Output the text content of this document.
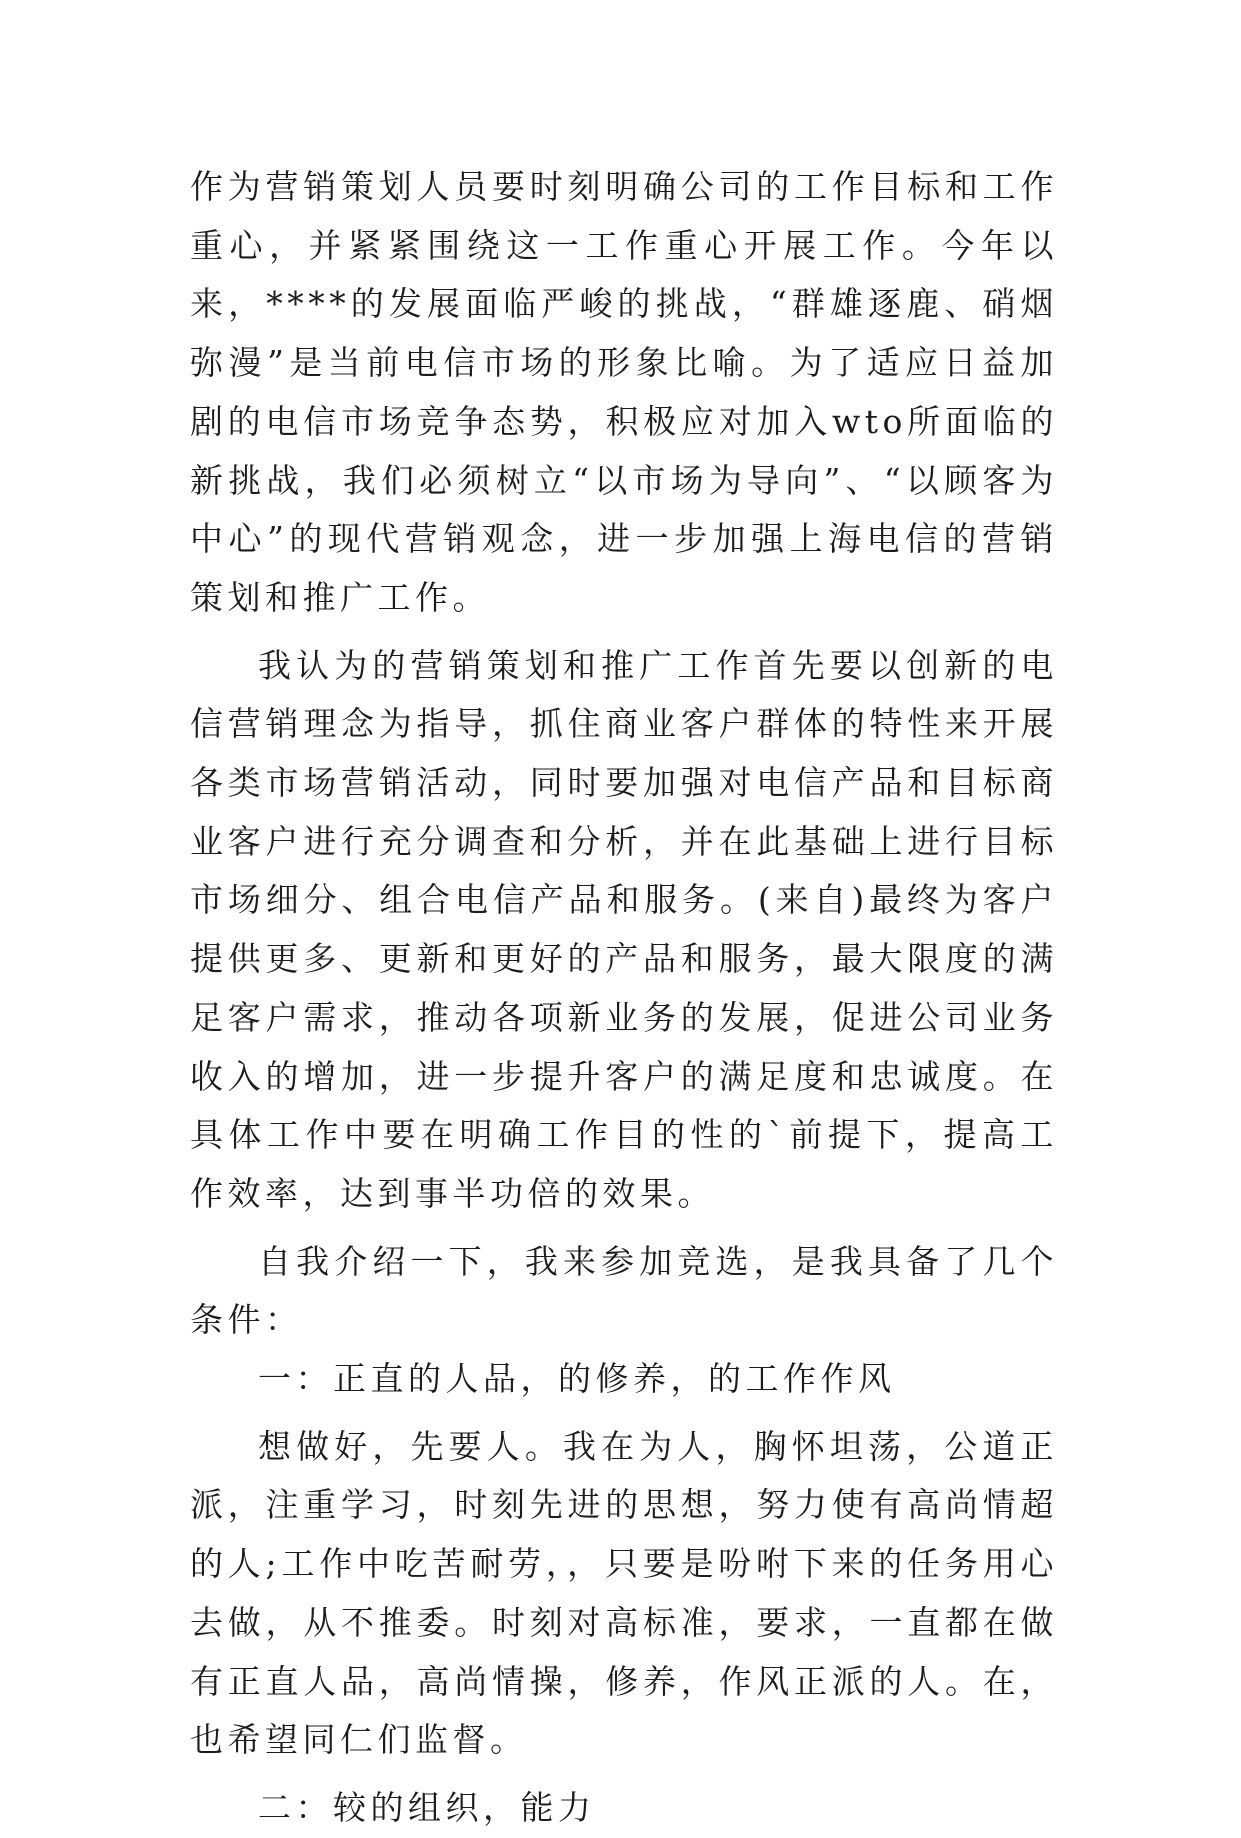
作为营销策划人员要时刻明确公司的工作目标和工作重心，并紧紧围绕这一工作重心开展工作。今年以来，****的发展面临严峻的挑战，“群雄逐鹿、硝烟弥漫”是当前电信市场的形象比喻。为了适应日益加剧的电信市场竞争态势，积极应对加入wto所面临的新挑战，我们必须树立“以市场为导向”、“以顾客为中心”的现代营销观念，进一步加强上海电信的营销策划和推广工作。

我认为的营销策划和推广工作首先要以创新的电信营销理念为指导，抓住商业客户群体的特性来开展各类市场营销活动，同时要加强对电信产品和目标商业客户进行充分调查和分析，并在此基础上进行目标市场细分、组合电信产品和服务。(来自)最终为客户提供更多、更新和更好的产品和服务，最大限度的满足客户需求，推动各项新业务的发展，促进公司业务收入的增加，进一步提升客户的满足度和忠诚度。在具体工作中要在明确工作目的性的`前提下，提高工作效率，达到事半功倍的效果。

自我介绍一下，我来参加竞选，是我具备了几个条件：

一：正直的人品，的修养，的工作作风

想做好，先要人。我在为人，胸怀坦荡，公道正派，注重学习，时刻先进的思想，努力使有高尚情超的人;工作中吃苦耐劳，，只要是吩咐下来的任务用心去做，从不推委。时刻对高标准，要求，一直都在做有正直人品，高尚情操，修养，作风正派的人。在，也希望同仁们监督。

二：较的组织，能力
